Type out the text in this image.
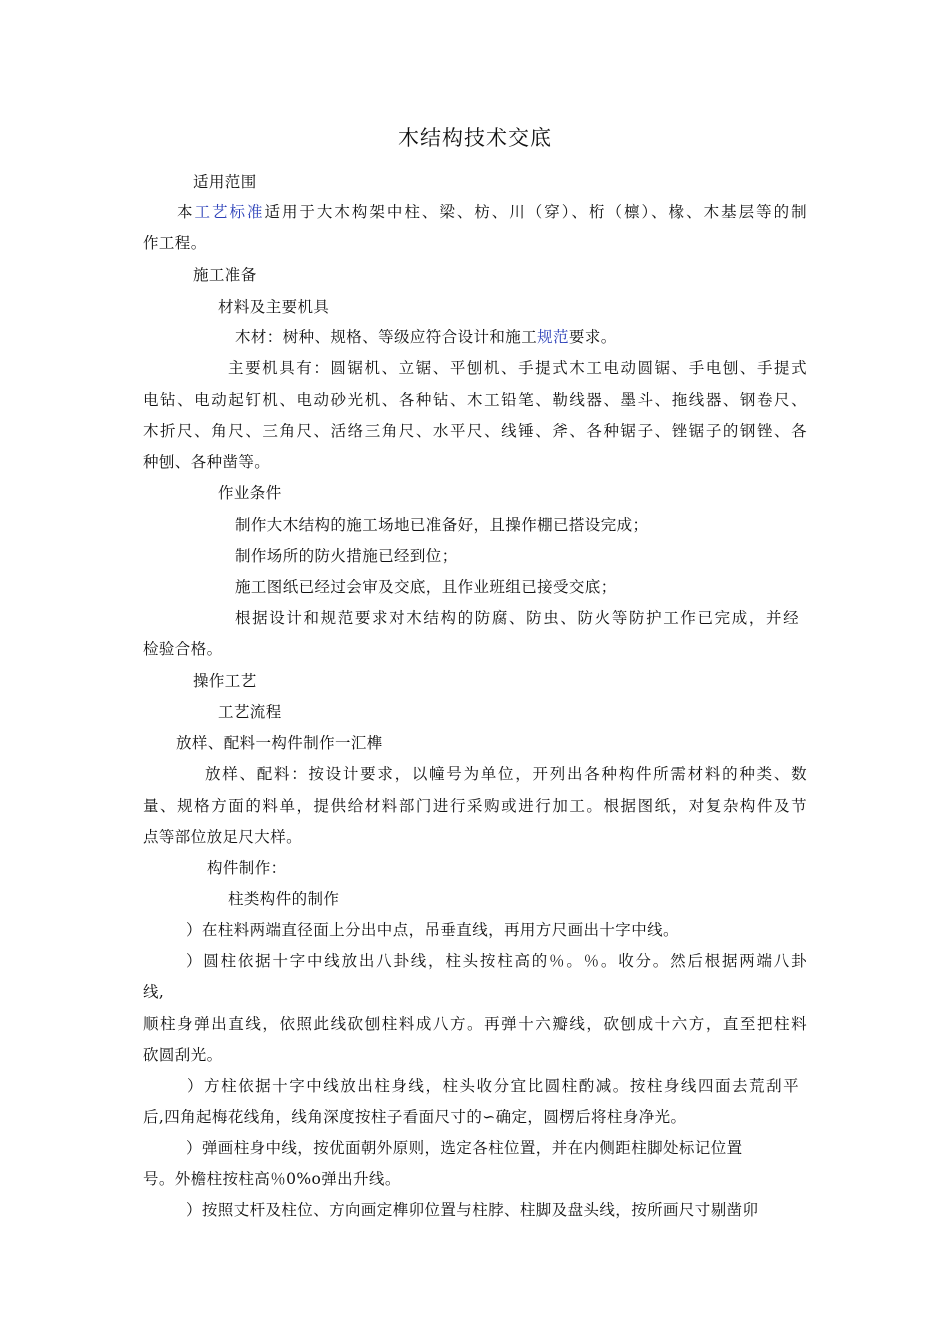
木结构技术交底
适用范围
本工艺标准适用于大木构架中柱、梁、枋、川（穿）、桁（檩）、椽、木基层等的制
作工程。
施工准备
材料及主要机具
木材：树种、规格、等级应符合设计和施工规范要求。
主要机具有：圆锯机、立锯、平刨机、手提式木工电动圆锯、手电刨、手提式
电钻、电动起钉机、电动砂光机、各种钻、木工铅笔、勒线器、墨斗、拖线器、钢卷尺、
木折尺、角尺、三角尺、活络三角尺、水平尺、线锤、斧、各种锯子、锉锯子的钢锉、各
种刨、各种凿等。
作业条件
制作大木结构的施工场地已准备好，且操作棚已搭设完成；
制作场所的防火措施已经到位；
施工图纸已经过会审及交底，且作业班组已接受交底；
根据设计和规范要求对木结构的防腐、防虫、防火等防护工作已完成，并经
检验合格。
操作工艺
工艺流程
放样、配料一构件制作一汇榫
放样、配料：按设计要求，以幢号为单位，开列出各种构件所需材料的种类、数
量、规格方面的料单，提供给材料部门进行采购或进行加工。根据图纸，对复杂构件及节
点等部位放足尺大样。
构件制作：
柱类构件的制作
）在柱料两端直径面上分出中点，吊垂直线，再用方尺画出十字中线。
）圆柱依据十字中线放出八卦线，柱头按柱高的％。％。收分。然后根据两端八卦
线,
顺柱身弹出直线，依照此线砍刨柱料成八方。再弹十六瓣线，砍刨成十六方，直至把柱料
砍圆刮光。
）方柱依据十字中线放出柱身线，柱头收分宜比圆柱酌减。按柱身线四面去荒刮平
后,四角起梅花线角，线角深度按柱子看面尺寸的∽确定，圆楞后将柱身净光。
）弹画柱身中线，按优面朝外原则，选定各柱位置，并在内侧距柱脚处标记位置
号。外檐柱按柱高％0%o弹出升线。
）按照丈杆及柱位、方向画定榫卯位置与柱脖、柱脚及盘头线，按所画尺寸剔凿卯
